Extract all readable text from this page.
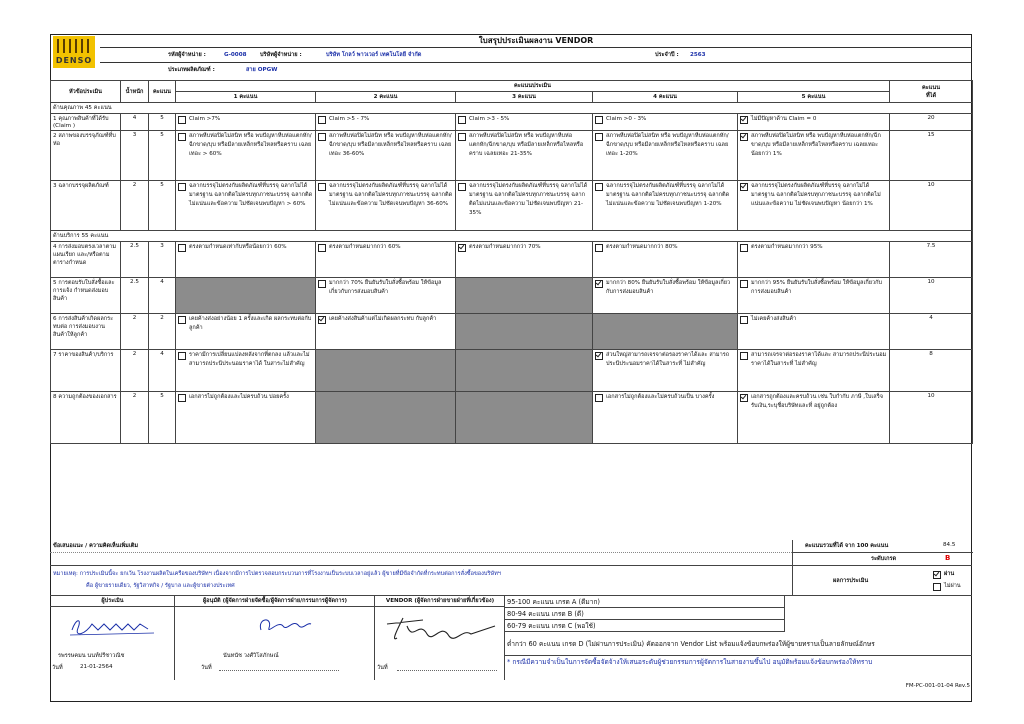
DENSO
ใบสรุปประเมินผลงาน VENDOR
รหัสผู้จำหน่าย :	G-0008 บริษัทผู้จำหน่าย :	บริษัท โกลว์ พาวเวอร์ เทคโนโลยี จำกัด	ประจำปี : 2563
ประเภทผลิตภัณฑ์ :	สาย OPGW
หัวข้อประเมิน	น้ำหนัก	คะแนน	คะแนนประเมิน					คะแนน
ที่ได้
			1 คะแนน	2 คะแนน	3 คะแนน	4 คะแนน	5 คะแนน	
ด้านคุณภาพ 45 คะแนน								
1 คุณภาพสินค้าที่ได้รับ (Claim )	4	5	Claim >7%	Claim >5 - 7%	Claim >3 - 5%	Claim >0 - 3%	ไม่มีปัญหาด้าน Claim = 0	20
2 สภาพของบรรจุภัณฑ์ที่บห่อ	3	5	สภาพหีบห่อปิดไม่สนิท หรือ พบปัญหาหีบห่อแตกหัก/ฉีกขาด/บุบ หรือมีลายเหล็กหรือไหลหรือคราบ เฉลยเทอะ > 60%	สภาพหีบห่อปิดไม่สนิท หรือ พบปัญหาหีบห่อแตกหัก/ฉีกขาด/บุบ หรือมีลายเหล็กหรือไหลหรือคราบ เฉลยเทอะ 36-60%	สภาพหีบห่อปิดไม่สนิท หรือ พบปัญหาหีบห่อแตกหัก/ฉีกขาด/บุบ หรือมีลายเหล็กหรือไหลหรือคราบ เฉลยเทอะ 21-35%	สภาพหีบห่อปิดไม่สนิท หรือ พบปัญหาหีบห่อแตกหัก/ฉีกขาด/บุบ หรือมีลายเหล็กหรือไหลหรือคราบ เฉลยเทอะ 1-20%	สภาพหีบห่อปิดไม่สนิท หรือ พบปัญหาหีบห่อแตกหัก/ฉีกขาด/บุบ หรือมีลายเหล็กหรือไหลหรือคราบ เฉลยเทอะ น้อยกว่า 1%	15
3 ฉลากบรรจุผลิตภัณฑ์	2	5	ฉลากบรรจุไม่ตรงกับผลิตภัณฑ์ที่บรรจุ ฉลากไม่ได้มาตรฐาน ฉลากติดไม่ครบทุกภาชนะบรรจุ ฉลากติดไม่แน่นและข้อความ ไม่ชัดเจนพบปัญหา > 60%	ฉลากบรรจุไม่ตรงกับผลิตภัณฑ์ที่บรรจุ ฉลากไม่ได้มาตรฐาน ฉลากติดไม่ครบทุกภาชนะบรรจุ ฉลากติดไม่แน่นและข้อความ ไม่ชัดเจนพบปัญหา 36-60%	ฉลากบรรจุไม่ตรงกับผลิตภัณฑ์ที่บรรจุ ฉลากไม่ได้มาตรฐาน ฉลากติดไม่ครบทุกภาชนะบรรจุ ฉลากติดไม่แน่นและข้อความ ไม่ชัดเจนพบปัญหา 21-35%	ฉลากบรรจุไม่ตรงกับผลิตภัณฑ์ที่บรรจุ ฉลากไม่ได้มาตรฐาน ฉลากติดไม่ครบทุกภาชนะบรรจุ ฉลากติดไม่แน่นและข้อความ ไม่ชัดเจนพบปัญหา 1-20%	ฉลากบรรจุไม่ตรงกับผลิตภัณฑ์ที่บรรจุ ฉลากไม่ได้มาตรฐาน ฉลากติดไม่ครบทุกภาชนะบรรจุ ฉลากติดไม่แน่นและข้อความ ไม่ชัดเจนพบปัญหา น้อยกว่า 1%	10
ด้านบริการ 55 คะแนน								
4 การส่งมอบตรงเวลาตามแผนเรียก และ/หรือตามตารางกำหนด	2.5	3	ตรงตามกำหนดเท่ากับหรือน้อยกว่า 60%	ตรงตามกำหนดมากกว่า 60%	ตรงตามกำหนดมากกว่า 70%	ตรงตามกำหนดมากกว่า 80%	ตรงตามกำหนดมากกว่า 95%	7.5
5 การตอบรับใบสั่งซื้อและการแจ้ง กำหนดส่งมอบสินค้า	2.5	4		มากกว่า 70% ยืนยันรับใบสั่งซื้อพร้อม ให้ข้อมูลเกี่ยวกับการส่งมอบสินค้า		มากกว่า 80% ยืนยันรับใบสั่งซื้อพร้อม ให้ข้อมูลเกี่ยวกับการส่งมอบสินค้า	มากกว่า 95% ยืนยันรับใบสั่งซื้อพร้อม ให้ข้อมูลเกี่ยวกับการส่งมอบสินค้า	10
6 การส่งสินค้าเกิดผลกระทบต่อ การส่งมอบงานสินค้าให้ลูกค้า	2	2	เคยค้างส่งอย่างน้อย 1 ครั้งและเกิด ผลกระทบต่อกับลูกค้า	เคยค้างส่งสินค้าแต่ไม่เกิดผลกระทบ กับลูกค้า			ไม่เคยค้างส่งสินค้า	4
7 ราคาของสินค้า/บริการ	2	4	ราคามีการเปลี่ยนแปลงหลังจากที่ตกลง แล้วและไม่สามารถประนีประนอมราคาได้ ในสาระไม่สำคัญ			ส่วนใหญ่สามารถเจรจาต่อรองราคาได้และ สามารถประนีประนอมราคาได้ในสาระที่ ไม่สำคัญ	สามารถเจรจาต่อรองราคาได้และ สามารถประนีประนอมราคาได้ในสาระที่ ไม่สำคัญ	8
8 ความถูกต้องของเอกสาร	2	5	เอกสารไม่ถูกต้องและไม่ครบถ้วน บ่อยครั้ง			เอกสารไม่ถูกต้องและไม่ครบถ้วนเป็น บางครั้ง	เอกสารถูกต้องและครบถ้วน เช่น ใบกำกับ ภาษี ,ใบเสร็จรับเงิน,ระบุชื่อบริษัทและที่ อยู่ถูกต้อง	10
ข้อเสนอแนะ / ความคิดเห็นเพิ่มเติม	คะแนนรวมที่ได้ จาก 100 คะแนน	84.5
ระดับเกรด	B
หมายเหตุ: การประเมินนี้จะ ยกเว้น โรงงานผลิตในเครือของบริษัทฯ เนื่องจากมีการไปตรวจสอบกระบวนการที่โรงงานเป็นระบบเวลาอยู่แล้ว ผู้ขายที่มีข้อจำกัดที่กระทบต่อการสั่งซื้อของบริษัทฯ
คือ ผู้ขายรายเดียว, รัฐวิสาหกิจ / รัฐบาล และผู้ขายต่างประเทศ
ผลการประเมิน
ผ่าน
ไม่ผ่าน
ผู้ประเมิน
รพรรษคมน นนท์ปรีชาวณิช
วันที่	21-01-2564
ผู้อนุมัติ (ผู้จัดการฝ่ายจัดซื้อ/ผู้จัดการฝ่าย/กรรมการผู้จัดการ)
นันทนัช วงศ์วิโสภักษณ์
วันที่
VENDOR (ผู้จัดการฝ่ายขายฝ่ายที่เกี่ยวข้อง)
วันที่
95-100 คะแนน เกรด A (ดีมาก)
80-94 คะแนน เกรด B (ดี)
60-79 คะแนน เกรด C (พอใช้)
ต่ำกว่า 60 คะแนน เกรด D (ไม่ผ่านการประเมิน) คัดออกจาก Vendor List พร้อมแจ้งข้อบกพร่องให้ผู้ขายทราบเป็นลายลักษณ์อักษร
* กรณีมีความจำเป็นในการจัดซื้อจัดจ้างให้เสนอระดับผู้ช่วยกรรมการผู้จัดการในสายงานขึ้นไป อนุมัติพร้อมแจ้งข้อบกพร่องให้ทราบ
FM-PC-001-01-04 Rev.5
